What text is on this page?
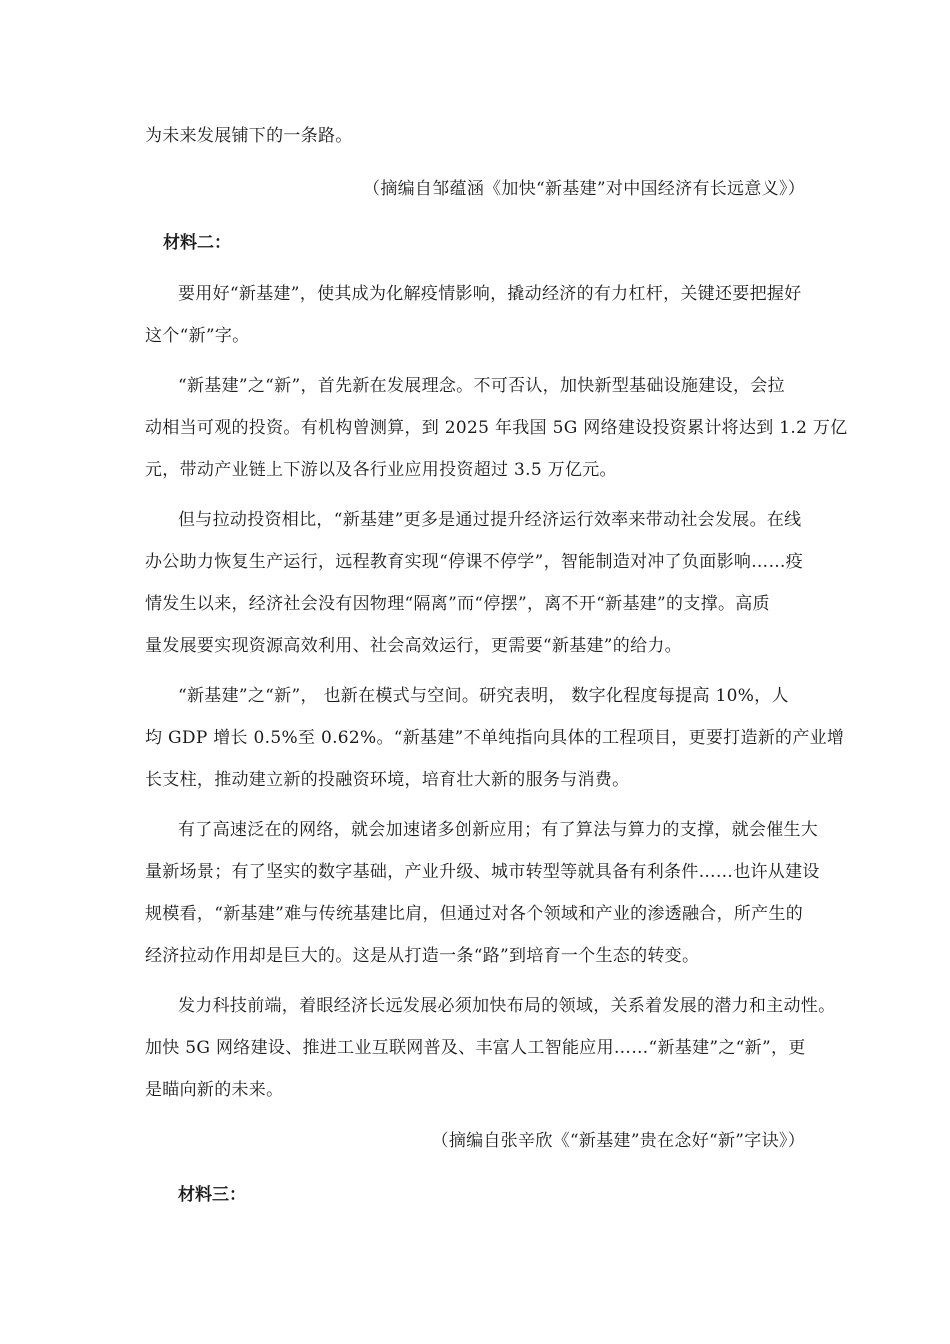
为未来发展铺下的一条路。
（摘编自邹蕴涵《加快“新基建”对中国经济有长远意义》）
材料二：
要用好“新基建”，使其成为化解疫情影响，撬动经济的有力杠杆，关键还要把握好
这个“新”字。
“新基建”之“新”，首先新在发展理念。不可否认，加快新型基础设施建设，会拉
动相当可观的投资。有机构曾测算，到 2025 年我国 5G 网络建设投资累计将达到 1.2 万亿
元，带动产业链上下游以及各行业应用投资超过 3.5 万亿元。
但与拉动投资相比，“新基建”更多是通过提升经济运行效率来带动社会发展。在线
办公助力恢复生产运行，远程教育实现“停课不停学”，智能制造对冲了负面影响……疫
情发生以来，经济社会没有因物理“隔离”而“停摆”，离不开“新基建”的支撑。高质
量发展要实现资源高效利用、社会高效运行，更需要“新基建”的给力。
“新基建”之“新”， 也新在模式与空间。研究表明， 数字化程度每提高 10%，人
均 GDP 增长 0.5%至 0.62%。“新基建”不单纯指向具体的工程项目，更要打造新的产业增
长支柱，推动建立新的投融资环境，培育壮大新的服务与消费。
有了高速泛在的网络，就会加速诸多创新应用；有了算法与算力的支撑，就会催生大
量新场景；有了坚实的数字基础，产业升级、城市转型等就具备有利条件……也许从建设
规模看，“新基建”难与传统基建比肩，但通过对各个领域和产业的渗透融合，所产生的
经济拉动作用却是巨大的。这是从打造一条“路”到培育一个生态的转变。
发力科技前端，着眼经济长远发展必须加快布局的领域，关系着发展的潜力和主动性。
加快 5G 网络建设、推进工业互联网普及、丰富人工智能应用……“新基建”之“新”，更
是瞄向新的未来。
（摘编自张辛欣《“新基建”贵在念好“新”字诀》）
材料三：
